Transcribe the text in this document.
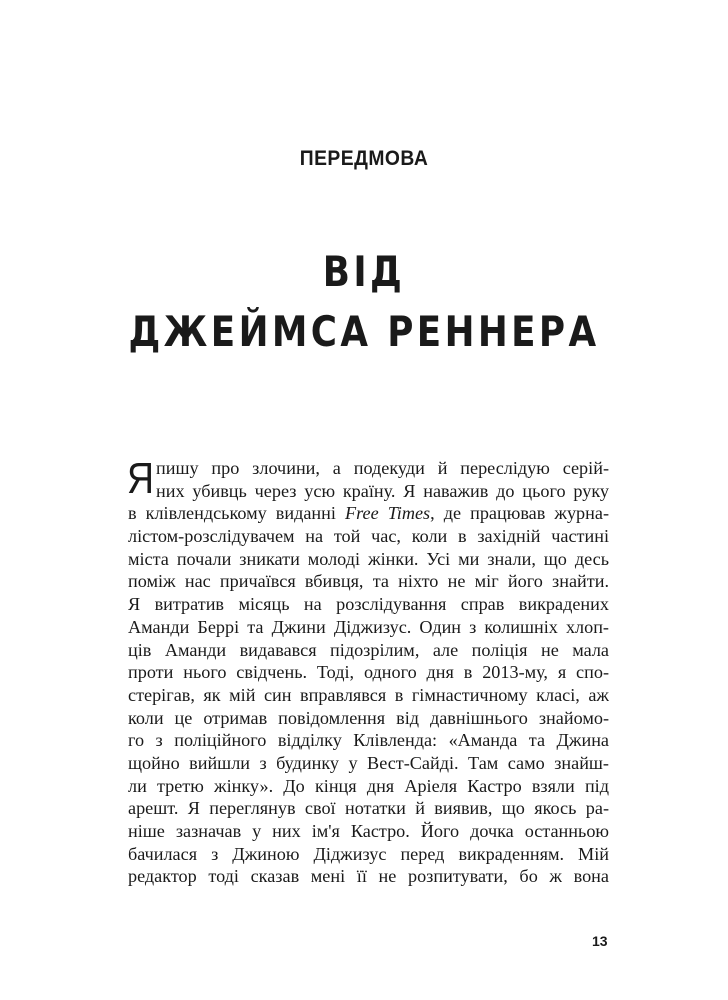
ПЕРЕДМОВА
ВІД
ДЖЕЙМСА РЕННЕРА
Я пишу про злочини, а подекуди й переслідую серій-
них убивць через усю країну. Я наважив до цього руку
в клівлендському виданні Free Times, де працював журна-
лістом-розслідувачем на той час, коли в західній частині
міста почали зникати молоді жінки. Усі ми знали, що десь
поміж нас причаївся вбивця, та ніхто не міг його знайти.
Я витратив місяць на розслідування справ викрадених
Аманди Беррі та Джини Діджизус. Один з колишніх хлоп-
ців Аманди видавався підозрілим, але поліція не мала
проти нього свідчень. Тоді, одного дня в 2013-му, я спо-
стерігав, як мій син вправлявся в гімнастичному класі, аж
коли це отримав повідомлення від давнішнього знайомо-
го з поліційного відділку Клівленда: «Аманда та Джина
щойно вийшли з будинку у Вест-Сайді. Там само знайш-
ли третю жінку». До кінця дня Аріеля Кастро взяли під
арешт. Я переглянув свої нотатки й виявив, що якось ра-
ніше зазначав у них ім'я Кастро. Його дочка останньою
бачилася з Джиною Діджизус перед викраденням. Мій
редактор тоді сказав мені її не розпитувати, бо ж вона
13
